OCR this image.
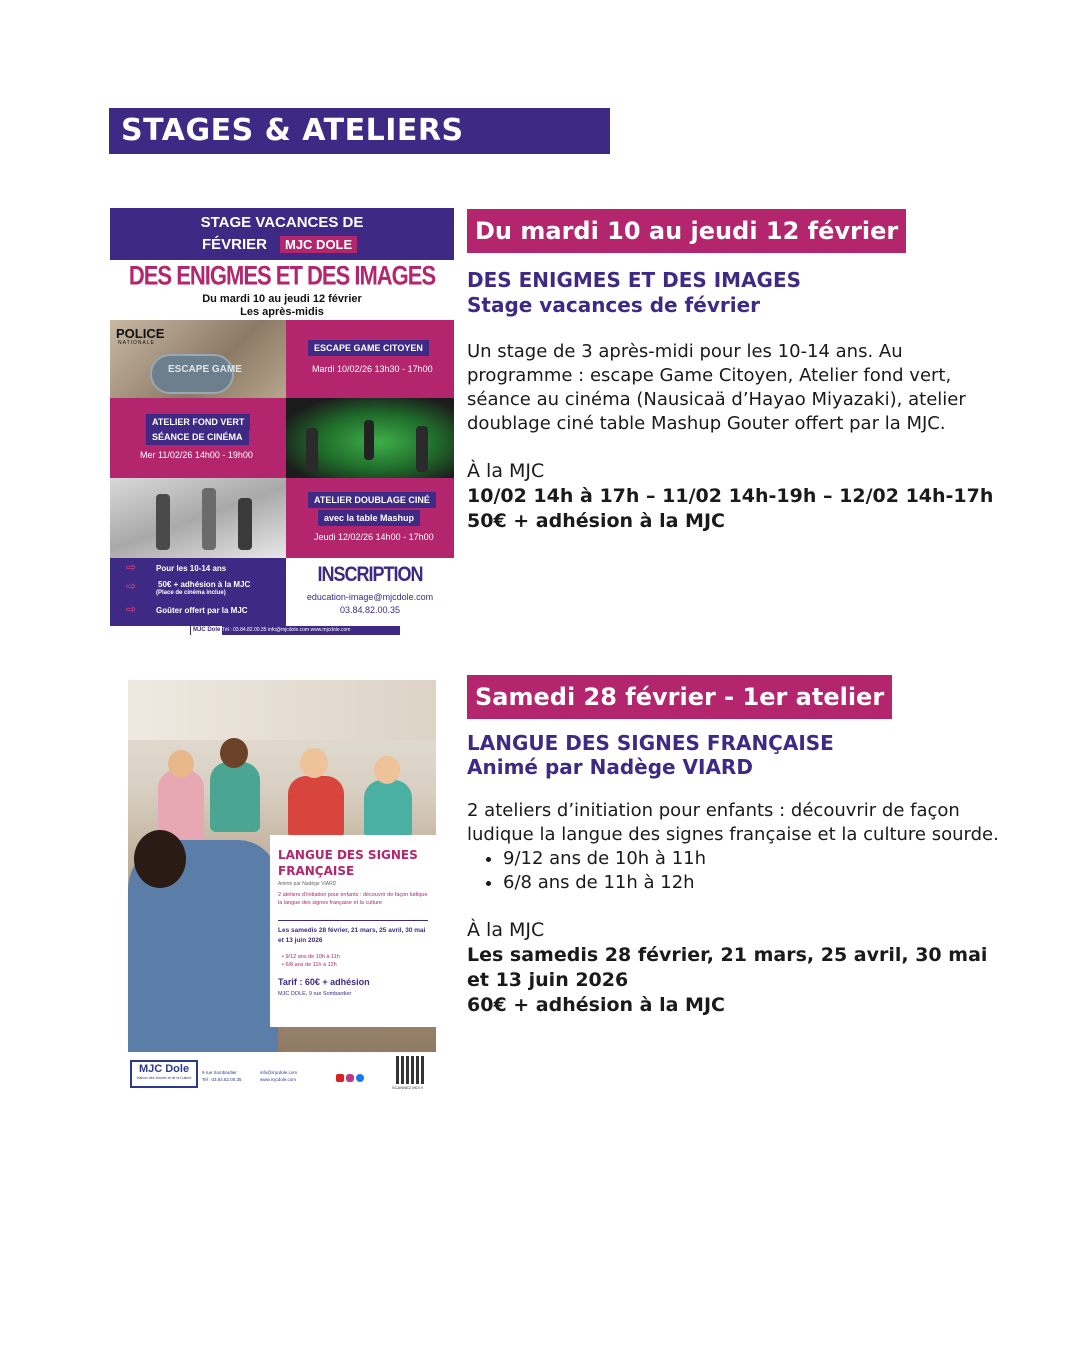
STAGES & ATELIERS
STAGE VACANCES DE
FÉVRIER	MJC DOLE
DES ENIGMES ET DES IMAGES
Du mardi 10 au jeudi 12 février
Les après-midis
POLICE
NATIONALE
ESCAPE GAME
ESCAPE GAME CITOYEN
Mardi 10/02/26 13h30 - 17h00
ATELIER FOND VERT
SÉANCE DE CINÉMA
Mer 11/02/26 14h00 - 19h00
ATELIER DOUBLAGE CINÉ
avec la table Mashup
Jeudi 12/02/26 14h00 - 17h00
⇨ Pour les 10-14 ans
⇨	50€ + adhésion à la MJC
(Place de cinéma inclue)
⇨ Goûter offert par la MJC
INSCRIPTION
education-image@mjcdole.com
03.84.82.00.35
MJC Dole Tél : 03.84.82.00.35 info@mjcdole.com www.mjcdole.com
Du mardi 10 au jeudi 12 février
DES ENIGMES ET DES IMAGES
Stage vacances de février
Un stage de 3 après-midi pour les 10-14 ans. Au programme : escape Game Citoyen, Atelier fond vert, séance au cinéma (Nausicaä d’Hayao Miyazaki), atelier doublage ciné table Mashup Gouter offert par la MJC.
À la MJC
10/02 14h à 17h – 11/02 14h-19h – 12/02 14h-17h
50€ + adhésion à la MJC
LANGUE DES SIGNES
FRANÇAISE
Animé par Nadège VIARD
2 ateliers d’initiation pour enfants : découvrir de façon ludique la langue des signes française et la culture
Les samedis 28 février, 21 mars, 25 avril, 30 mai et 13 juin 2026
• 9/12 ans de 10h à 11h
• 6/8 ans de 11h à 12h
Tarif : 60€ + adhésion
MJC DOLE, 9 rue Sombardier
MJC Dole
Maison des Jeunes et de la Culture
9 rue Sombardier
Tel : 03.84.82.00.35
info@mjcdole.com
www.mjcdole.com
SCANNEZ MOI !!
Samedi 28 février - 1er atelier
LANGUE DES SIGNES FRANÇAISE
Animé par Nadège VIARD
2 ateliers d’initiation pour enfants : découvrir de façon ludique la langue des signes française et la culture sourde.
• 9/12 ans de 10h à 11h
• 6/8 ans de 11h à 12h
À la MJC
Les samedis 28 février, 21 mars, 25 avril, 30 mai et 13 juin 2026
60€ + adhésion à la MJC
